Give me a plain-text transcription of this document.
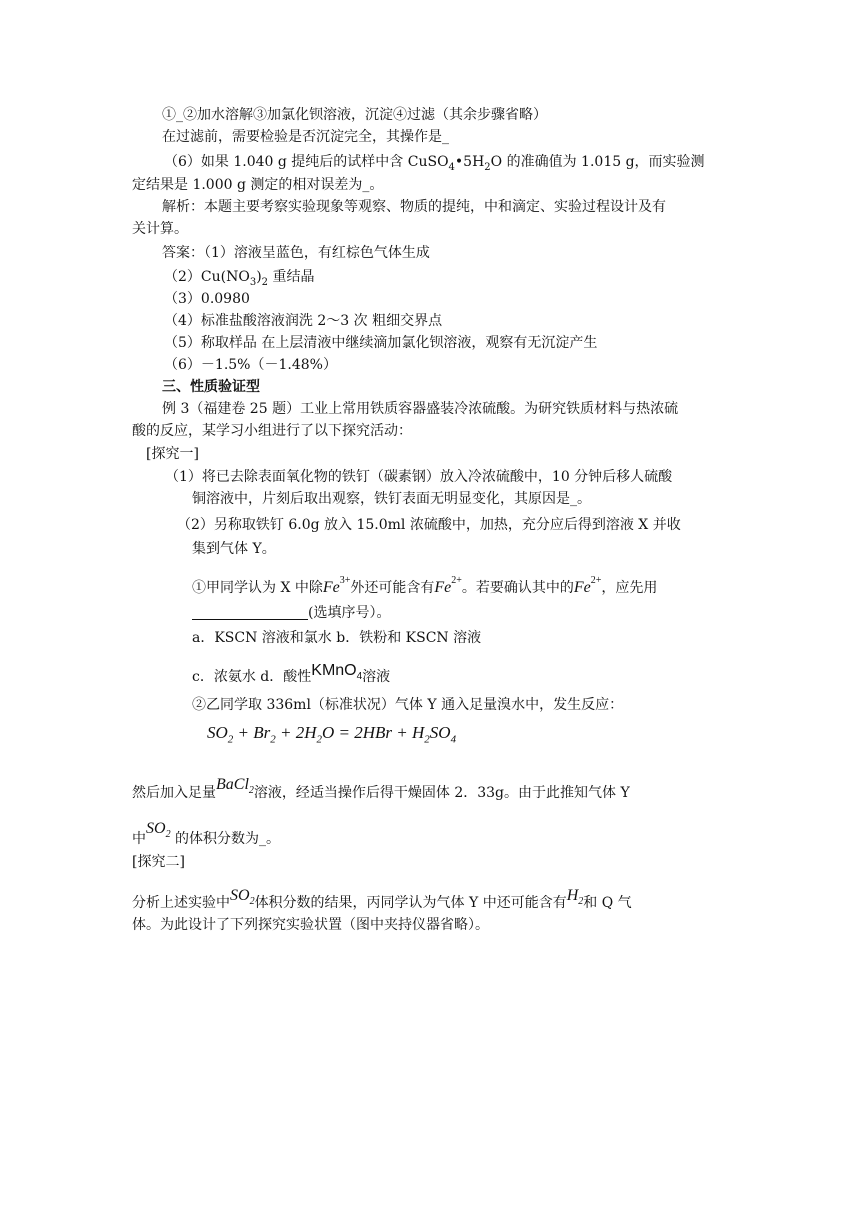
①_②加水溶解③加氯化钡溶液，沉淀④过滤（其余步骤省略）
在过滤前，需要检验是否沉淀完全，其操作是_
（6）如果 1.040 g 提纯后的试样中含 $CuSO_4•5H_2O$ 的准确值为 1.015 g，而实验测
定结果是 1.000 g 测定的相对误差为_。
解析：本题主要考察实验现象等观察、物质的提纯，中和滴定、实验过程设计及有
关计算。
答案：（1）溶液呈蓝色，有红棕色气体生成
$(2)Cu(NO_3)_2$ 重结晶
（3）0.0980
（4）标准盐酸溶液润洗 2～3 次 粗细交界点
（5）称取样品 在上层清液中继续滴加氯化钡溶液，观察有无沉淀产生
（6）－1.5%（－1.48%）
三、性质验证型
例 3（福建卷 25 题）工业上常用铁质容器盛装冷浓硫酸。为研究铁质材料与热浓硫
酸的反应，某学习小组进行了以下探究活动：
[探究一]
（1）将已去除表面氧化物的铁钉（碳素钢）放入冷浓硫酸中，10 分钟后移人硫酸
铜溶液中，片刻后取出观察，铁钉表面无明显变化，其原因是_。
（2）另称取铁钉 6.0g 放入 15.0ml 浓硫酸中，加热，充分应后得到溶液 X 并收
集到气体 Y。
①甲同学认为 X 中除$Fe^{3+}$外还可能含有$Fe^{2+}$。若要确认其中的$Fe^{2+}$，应先用
(选填序号）。
a．KSCN 溶液和氯水 b．铁粉和 KSCN 溶液
c．浓氨水 d．酸性KMnO$_4$溶液
②乙同学取 336ml（标准状况）气体 Y 通入足量溴水中，发生反应：
$SO_2 + Br_2 + 2H_2O = 2HBr + H_2SO_4$
然后加入足量BaCl$_2$溶液，经适当操作后得干燥固体 2．33g。由于此推知气体 Y
中$SO_2$ 的体积分数为_。
[探究二]
分析上述实验中$SO_2$体积分数的结果，丙同学认为气体 Y 中还可能含有$H_2$和 Q 气
体。为此设计了下列探究实验状置（图中夹持仪器省略）。
